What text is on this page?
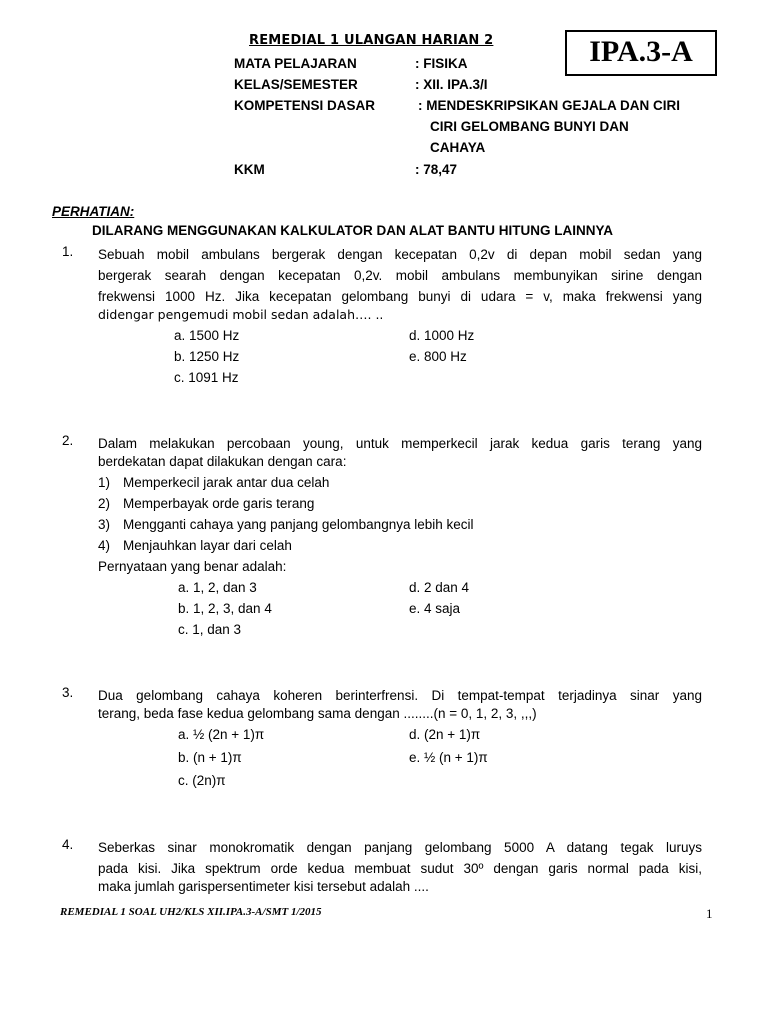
REMEDIAL 1 ULANGAN HARIAN 2	IPA.3-A
MATA PELAJARAN	: FISIKA
KELAS/SEMESTER	: XII. IPA.3/I
KOMPETENSI DASAR	: MENDESKRIPSIKAN GEJALA DAN CIRI
CIRI GELOMBANG BUNYI DAN
CAHAYA
KKM	: 78,47
PERHATIAN:
DILARANG MENGGUNAKAN KALKULATOR DAN ALAT BANTU HITUNG LAINNYA
1. Sebuah mobil ambulans bergerak dengan kecepatan 0,2v di depan mobil sedan yang
bergerak searah dengan kecepatan 0,2v. mobil ambulans membunyikan sirine dengan
frekwensi 1000 Hz. Jika kecepatan gelombang bunyi di udara = v, maka frekwensi yang
didengar pengemudi mobil sedan adalah…. ..
a. 1500 Hz
b. 1250 Hz
c. 1091 Hz
d. 1000 Hz
e. 800 Hz
2. Dalam melakukan percobaan young, untuk memperkecil jarak kedua garis terang yang
berdekatan dapat dilakukan dengan cara:
1) Memperkecil jarak antar dua celah
2) Memperbayak orde garis terang
3) Mengganti cahaya yang panjang gelombangnya lebih kecil
4) Menjauhkan layar dari celah
Pernyataan yang benar adalah:
a. 1, 2, dan 3
b. 1, 2, 3, dan 4
c. 1, dan 3
d. 2 dan 4
e. 4 saja
3. Dua gelombang cahaya koheren berinterfrensi. Di tempat-tempat terjadinya sinar yang
terang, beda fase kedua gelombang sama dengan ........(n = 0, 1, 2, 3, ,,,)
a. ½ (2n + 1)π
b. (n + 1)π
c. (2n)π
d. (2n + 1)π
e. ½ (n + 1)π
4. Seberkas sinar monokromatik dengan panjang gelombang 5000 A datang tegak luruys
pada kisi. Jika spektrum orde kedua membuat sudut 30º dengan garis normal pada kisi,
maka jumlah garispersentimeter kisi tersebut adalah ....
REMEDIAL 1 SOAL UH2/KLS XII.IPA.3-A/SMT 1/2015	1
